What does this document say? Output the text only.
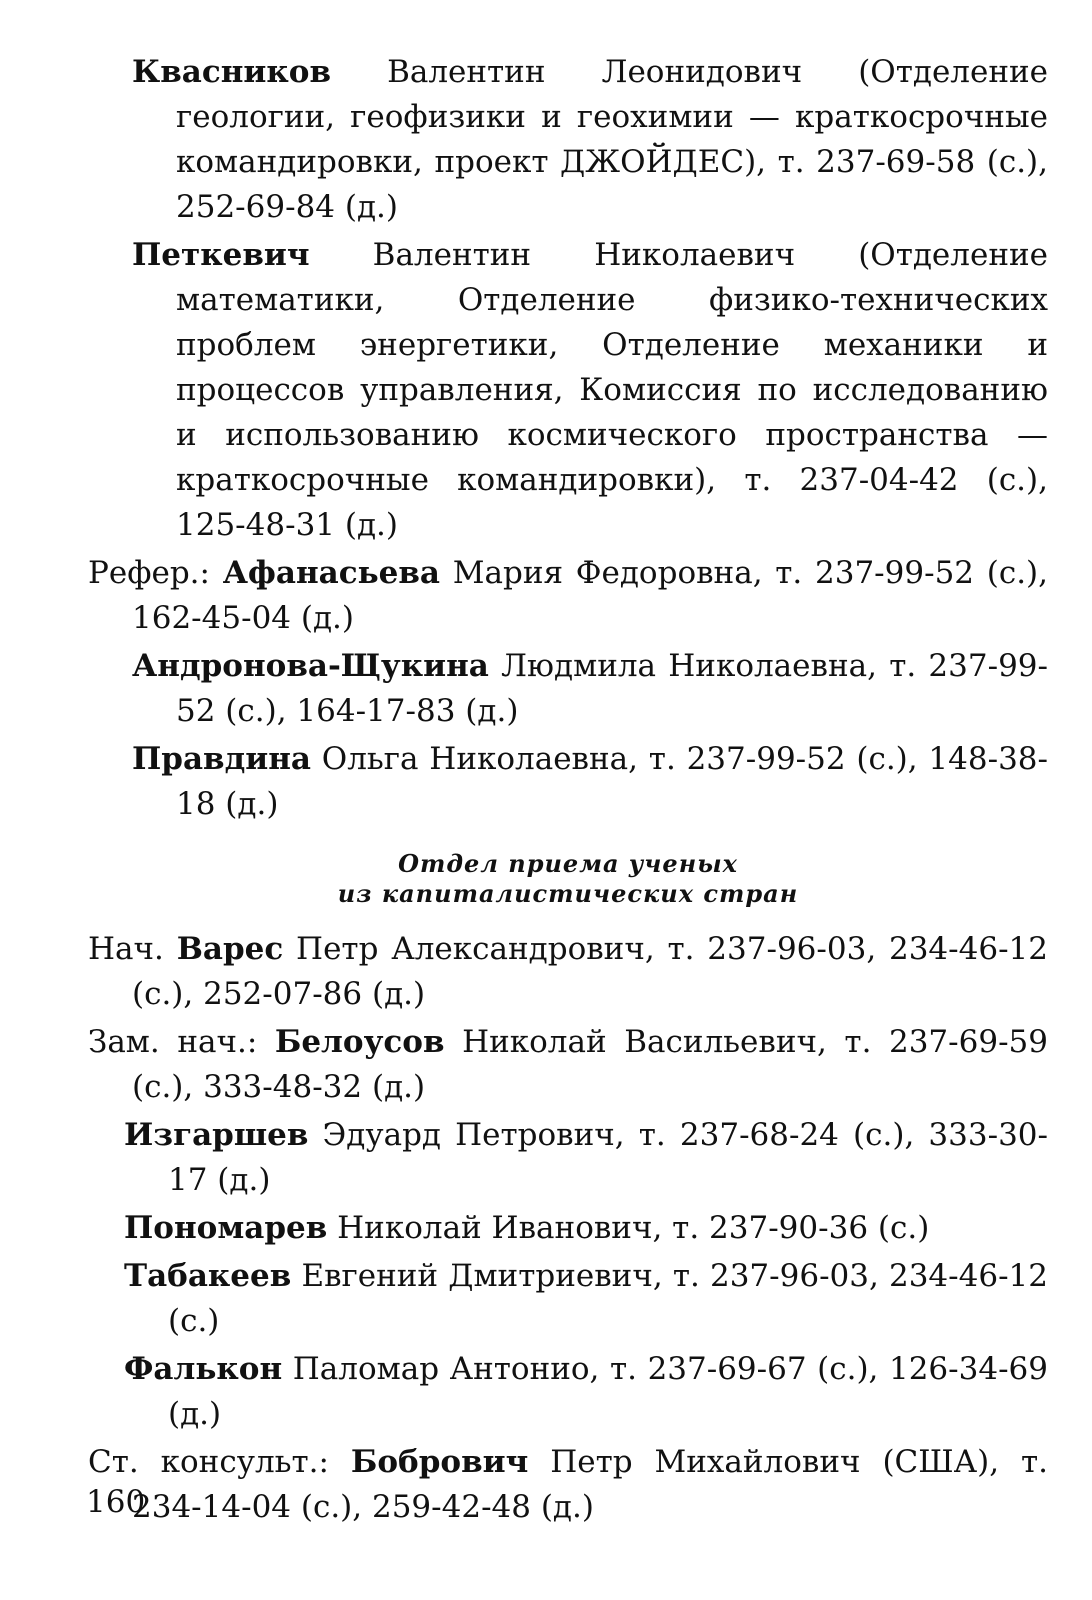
Квасников Валентин Леонидович (Отделение геологии, геофизики и геохимии — краткосрочные командировки, проект ДЖОЙДЕС), т. 237-69-58 (с.), 252-69-84 (д.)

Петкевич Валентин Николаевич (Отделение математики, Отделение физико-технических проблем энергетики, Отделение механики и процессов управления, Комиссия по исследованию и использованию космического пространства — краткосрочные командировки), т. 237-04-42 (с.), 125-48-31 (д.)

Рефер.: Афанасьева Мария Федоровна, т. 237-99-52 (с.), 162-45-04 (д.)

Андронова-Щукина Людмила Николаевна, т. 237-99-52 (с.), 164-17-83 (д.)

Правдина Ольга Николаевна, т. 237-99-52 (с.), 148-38-18 (д.)

Отдел приема ученых
из капиталистических стран

Нач. Варес Петр Александрович, т. 237-96-03, 234-46-12 (с.), 252-07-86 (д.)

Зам. нач.: Белоусов Николай Васильевич, т. 237-69-59 (с.), 333-48-32 (д.)

Изгаршев Эдуард Петрович, т. 237-68-24 (с.), 333-30-17 (д.)

Пономарев Николай Иванович, т. 237-90-36 (с.)

Табакеев Евгений Дмитриевич, т. 237-96-03, 234-46-12 (с.)

Фалькон Паломар Антонио, т. 237-69-67 (с.), 126-34-69 (д.)

Ст. консульт.: Бобрович Петр Михайлович (США), т. 234-14-04 (с.), 259-42-48 (д.)

160
